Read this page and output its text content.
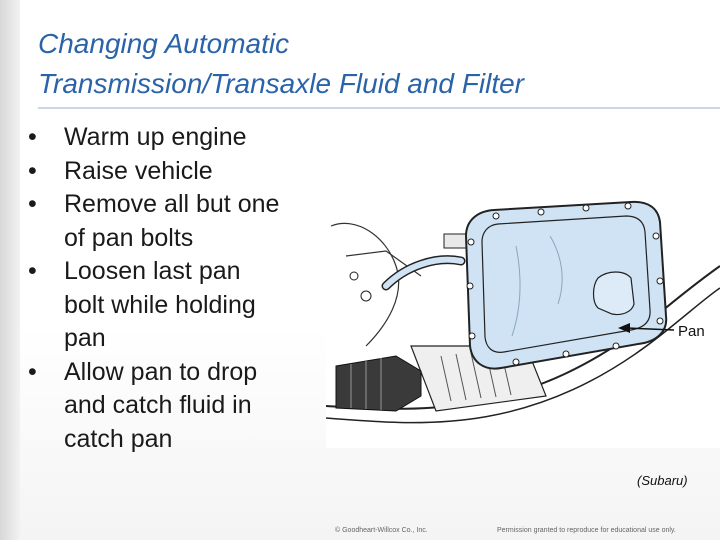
Changing Automatic
Transmission/Transaxle Fluid and Filter
• Warm up engine
• Raise vehicle
• Remove all but one
of pan bolts
• Loosen last pan
bolt while holding
pan
• Allow pan to drop
and catch fluid in
catch pan
Pan
(Subaru)
© Goodheart-Willcox Co., Inc.	Permission granted to reproduce for educational use only.
